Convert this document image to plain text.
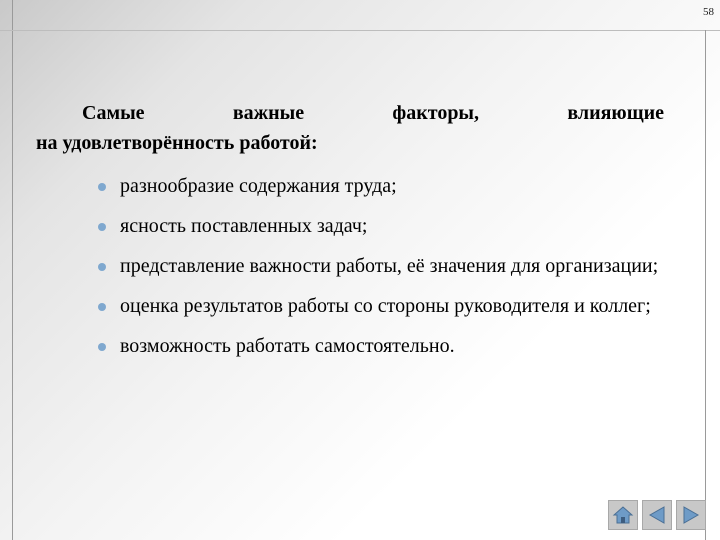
58
Самые	важные	факторы,	влияющие
на удовлетворённость работой:
разнообразие содержания труда;
ясность поставленных задач;
представление важности работы, её значения для организации;
оценка результатов работы со стороны руководителя и коллег;
возможность работать самостоятельно.
